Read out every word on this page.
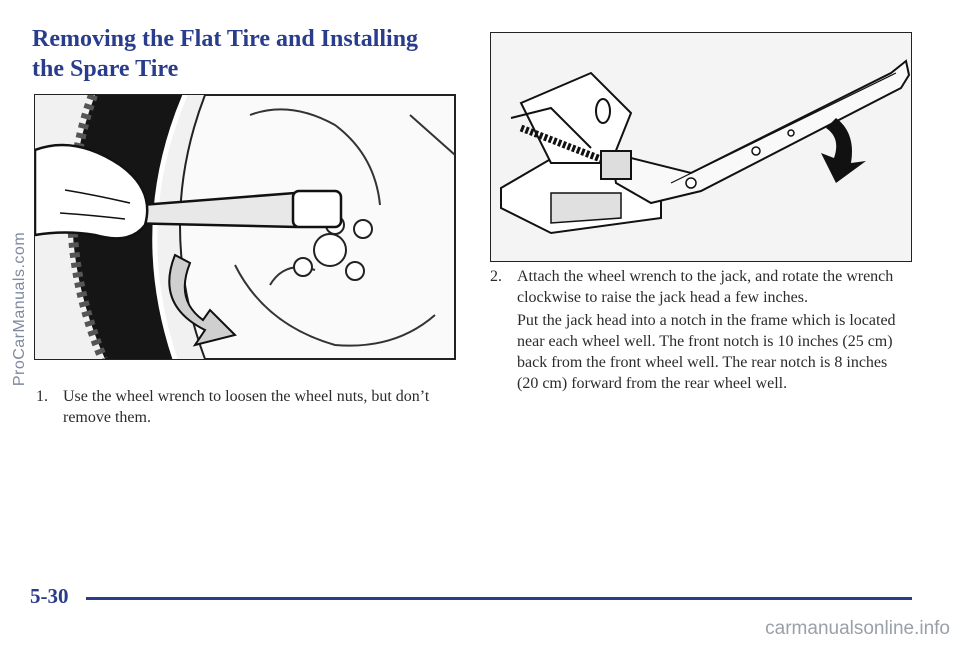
Removing the Flat Tire and Installing the Spare Tire
1. Use the wheel wrench to loosen the wheel nuts, but don’t remove them.
2. Attach the wheel wrench to the jack, and rotate the wrench clockwise to raise the jack head a few inches.

Put the jack head into a notch in the frame which is located near each wheel well. The front notch is 10 inches (25 cm) back from the front wheel well. The rear notch is 8 inches (20 cm) forward from the rear wheel well.

5-30
ProCarManuals.com
carmanualsonline.info
